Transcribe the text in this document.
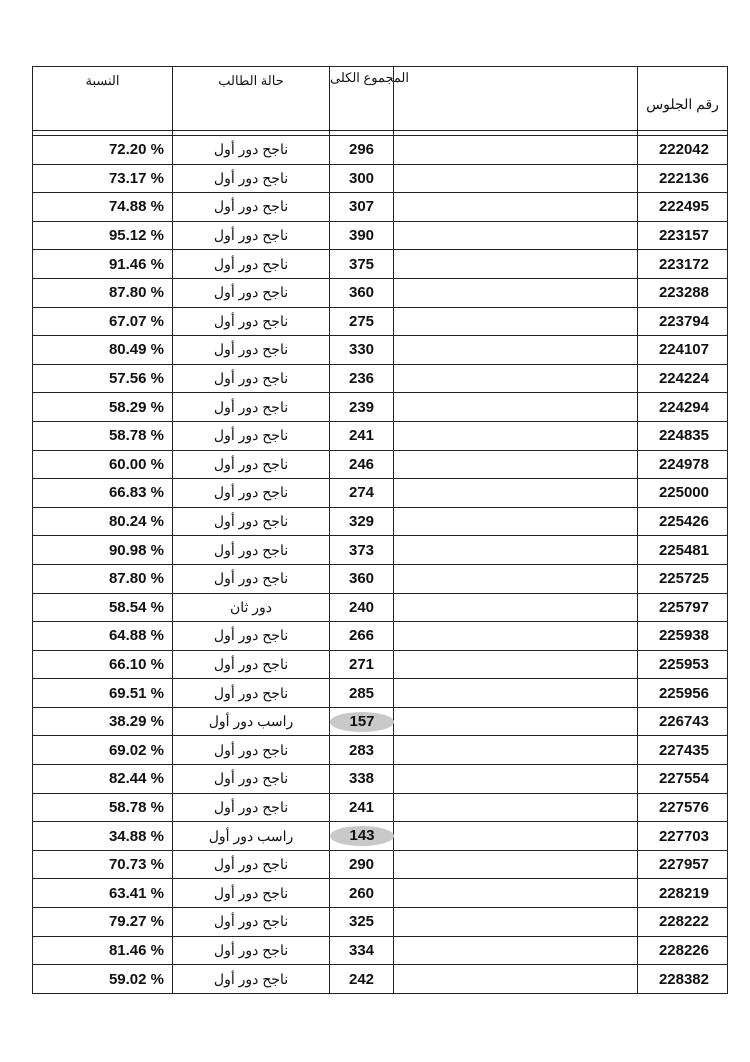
النسبة	حالة الطالب	المجموع الكلى		رقم الجلوس

72.20 %	ناجح دور أول	296		222042
73.17 %	ناجح دور أول	300		222136
74.88 %	ناجح دور أول	307		222495
95.12 %	ناجح دور أول	390		223157
91.46 %	ناجح دور أول	375		223172
87.80 %	ناجح دور أول	360		223288
67.07 %	ناجح دور أول	275		223794
80.49 %	ناجح دور أول	330		224107
57.56 %	ناجح دور أول	236		224224
58.29 %	ناجح دور أول	239		224294
58.78 %	ناجح دور أول	241		224835
60.00 %	ناجح دور أول	246		224978
66.83 %	ناجح دور أول	274		225000
80.24 %	ناجح دور أول	329		225426
90.98 %	ناجح دور أول	373		225481
87.80 %	ناجح دور أول	360		225725
58.54 %	دور ثان	240		225797
64.88 %	ناجح دور أول	266		225938
66.10 %	ناجح دور أول	271		225953
69.51 %	ناجح دور أول	285		225956
38.29 %	راسب دور أول	157		226743
69.02 %	ناجح دور أول	283		227435
82.44 %	ناجح دور أول	338		227554
58.78 %	ناجح دور أول	241		227576
34.88 %	راسب دور أول	143		227703
70.73 %	ناجح دور أول	290		227957
63.41 %	ناجح دور أول	260		228219
79.27 %	ناجح دور أول	325		228222
81.46 %	ناجح دور أول	334		228226
59.02 %	ناجح دور أول	242		228382
